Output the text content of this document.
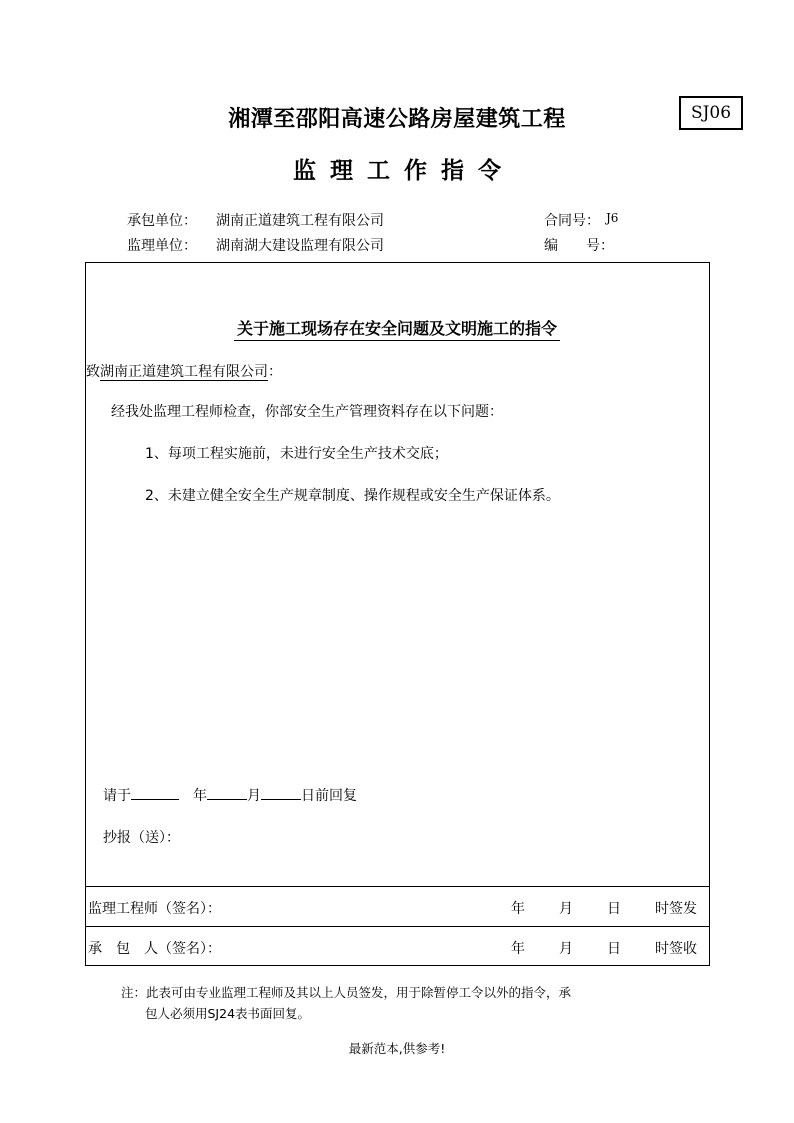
湘潭至邵阳高速公路房屋建筑工程	SJ06
监理工作指令
承包单位： 湖南正道建筑工程有限公司	合同号： J6
监理单位： 湖南湖大建设监理有限公司	编　　号：
关于施工现场存在安全问题及文明施工的指令
致湖南正道建筑工程有限公司：
经我处监理工程师检查，你部安全生产管理资料存在以下问题：
1、每项工程实施前，未进行安全生产技术交底；
2、未建立健全安全生产规章制度、操作规程或安全生产保证体系。
请于	年	月	日前回复
抄报（送）：
监理工程师（签名）：	年 月 日 时签发
承　包　人（签名）：	年 月 日 时签收
注：此表可由专业监理工程师及其以上人员签发，用于除暂停工令以外的指令，承
包人必须用SJ24表书面回复。
最新范本,供参考!
